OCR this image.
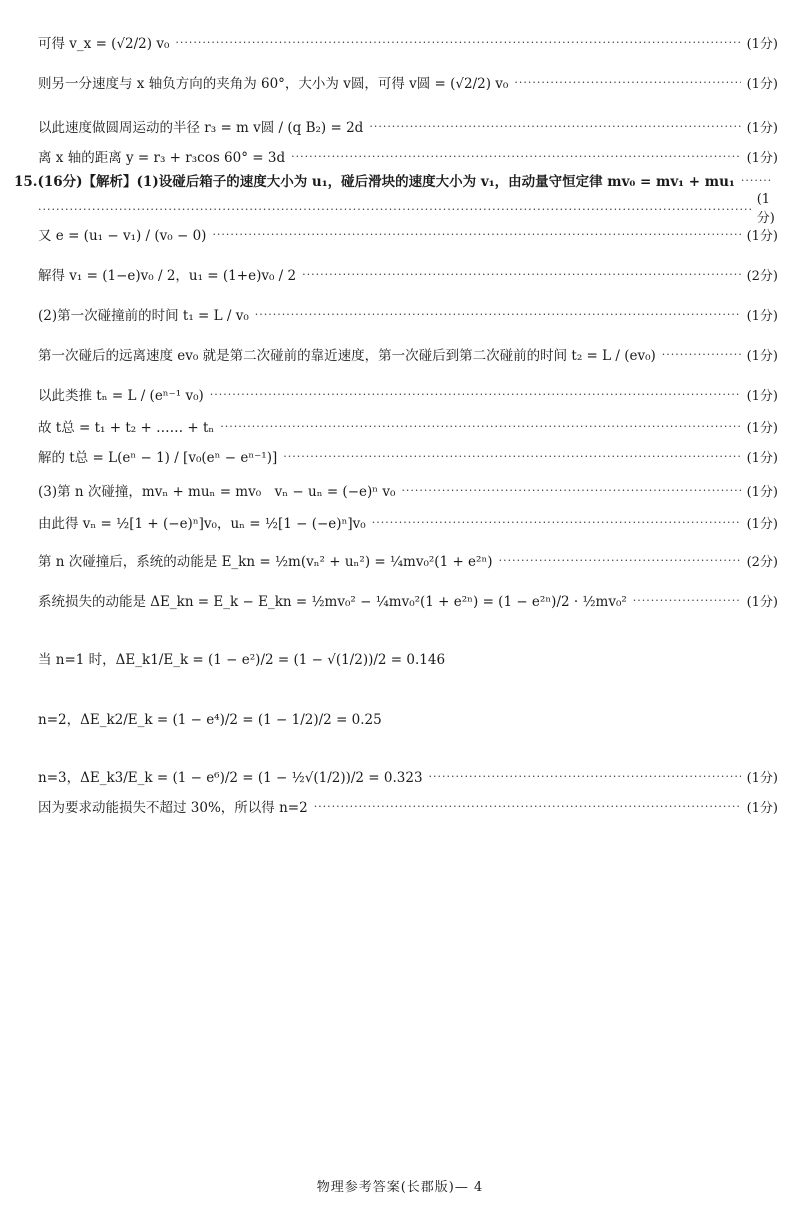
可得 v_x = (√2/2) v₀ ·····	(1分)
则另一分速度与 x 轴负方向的夹角为 60°，大小为 v圆，可得 v圆 = (√2/2) v₀ ·····	(1分)
以此速度做圆周运动的半径 r₃ = m v圆 / (q B₂) = 2d ·····	(1分)
离 x 轴的距离 y = r₃ + r₃cos 60° = 3d ·····	(1分)
15.(16分)【解析】(1)设碰后箱子的速度大小为 u₁，碰后滑块的速度大小为 v₁，由动量守恒定律 mv₀ = mv₁ + mu₁
·····
·····
(1分)
又 e = (u₁ − v₁) / (v₀ − 0) ·····	(1分)
解得 v₁ = (1−e)v₀ / 2，u₁ = (1+e)v₀ / 2 ·····	(2分)
(2)第一次碰撞前的时间 t₁ = L / v₀ ·····	(1分)
第一次碰后的远离速度 ev₀ 就是第二次碰前的靠近速度，第一次碰后到第二次碰前的时间 t₂ = L / (ev₀) ·····	(1分)
以此类推 tₙ = L / (eⁿ⁻¹ v₀) ·····	(1分)
故 t总 = t₁ + t₂ + …… + tₙ ·····	(1分)
解的 t总 = L(eⁿ − 1) / [v₀(eⁿ − eⁿ⁻¹)] ·····	(1分)
(3)第 n 次碰撞，mvₙ + muₙ = mv₀　vₙ − uₙ = (−e)ⁿ v₀ ·····	(1分)
由此得 vₙ = ½[1 + (−e)ⁿ]v₀，uₙ = ½[1 − (−e)ⁿ]v₀ ·····	(1分)
第 n 次碰撞后，系统的动能是 E_kn = ½m(vₙ² + uₙ²) = ¼mv₀²(1 + e²ⁿ) ·····	(2分)
系统损失的动能是 ΔE_kn = E_k − E_kn = ½mv₀² − ¼mv₀²(1 + e²ⁿ) = (1 − e²ⁿ)/2 · ½mv₀² ·····	(1分)
当 n=1 时，ΔE_k1/E_k = (1 − e²)/2 = (1 − √(1/2))/2 = 0.146
n=2，ΔE_k2/E_k = (1 − e⁴)/2 = (1 − 1/2)/2 = 0.25
n=3，ΔE_k3/E_k = (1 − e⁶)/2 = (1 − ½√(1/2))/2 = 0.323 ·····	(1分)
因为要求动能损失不超过 30%，所以得 n=2 ·····	(1分)
物理参考答案(长郡版)— 4
